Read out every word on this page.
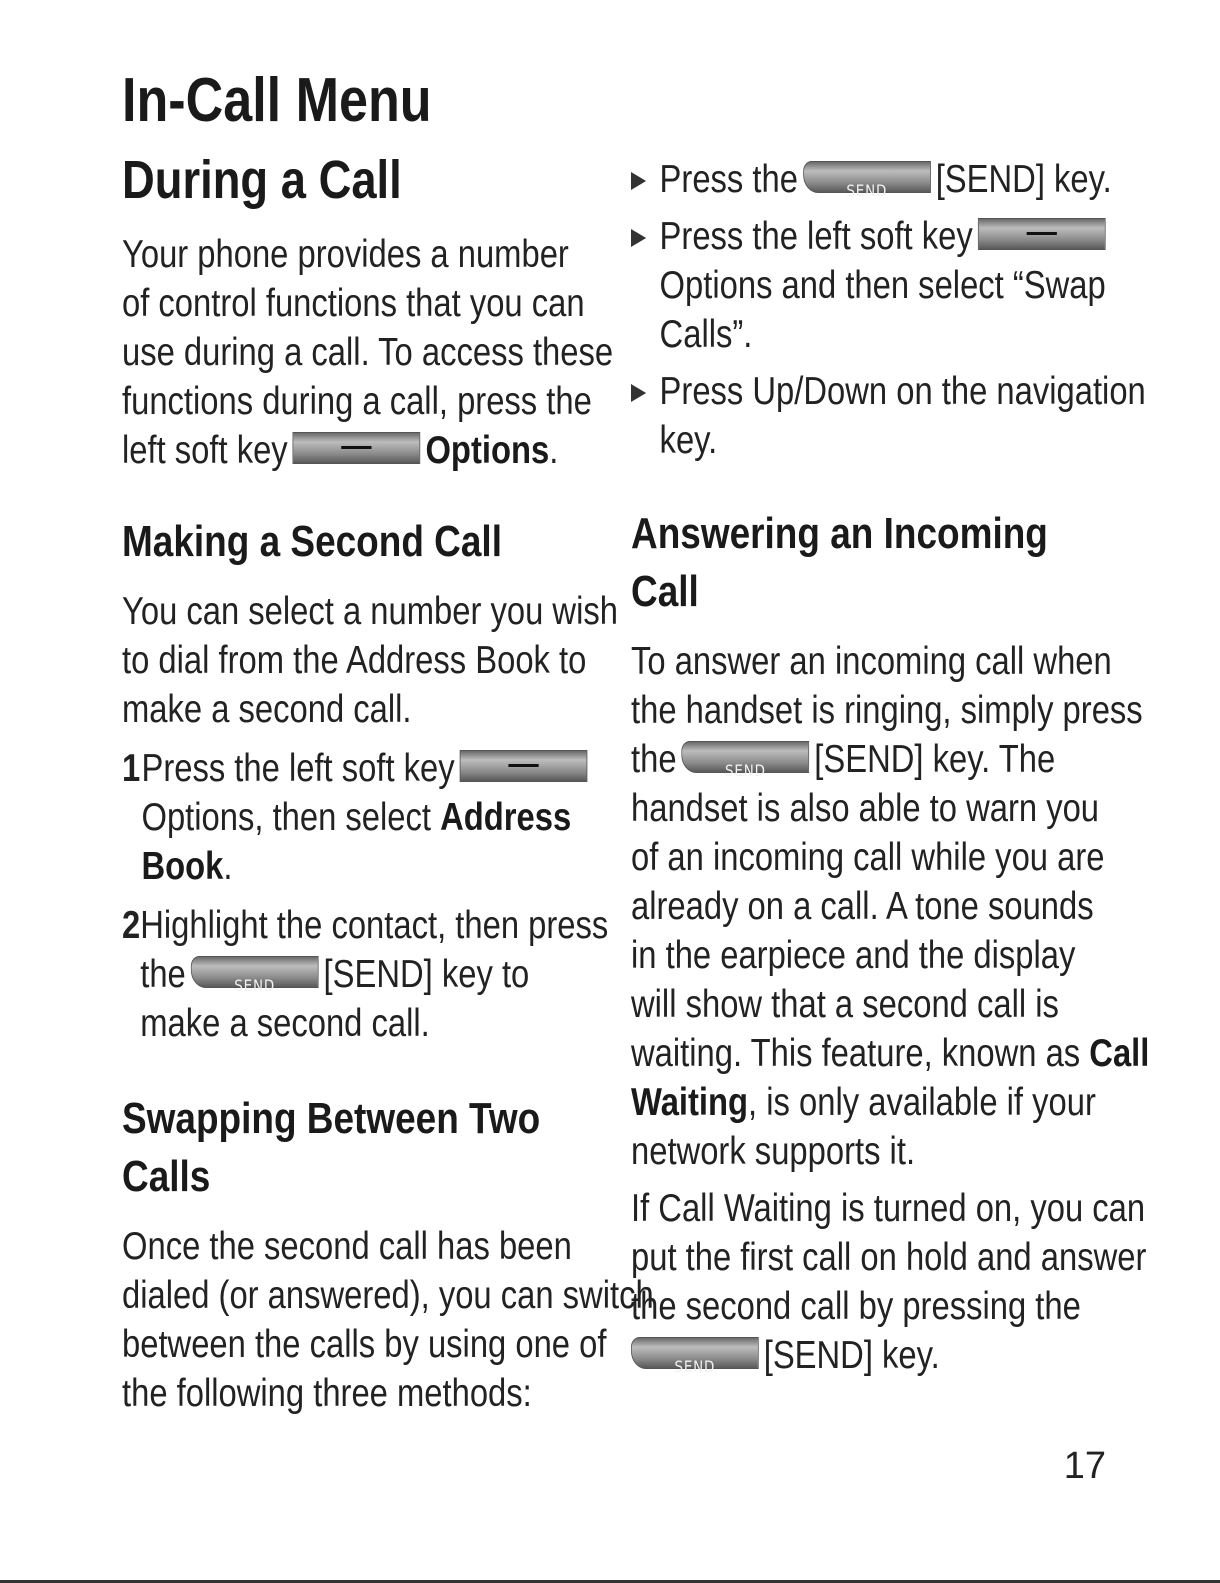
In-Call Menu
During a Call
Your phone provides a number
of control functions that you can
use during a call. To access these
functions during a call, press the
left soft key	Options.
Making a Second Call
You can select a number you wish
to dial from the Address Book to
make a second call.
1 Press the left soft key
Options, then select Address
Book.
2 Highlight the contact, then press
the	SEND	[SEND] key to
make a second call.
Swapping Between Two
Calls
Once the second call has been
dialed (or answered), you can switch
between the calls by using one of
the following three methods:
Press the	SEND	[SEND] key.
Press the left soft key
Options and then select “Swap
Calls”.
Press Up/Down on the navigation
key.
Answering an Incoming
Call
To answer an incoming call when
the handset is ringing, simply press
the	SEND	[SEND] key. The
handset is also able to warn you
of an incoming call while you are
already on a call. A tone sounds
in the earpiece and the display
will show that a second call is
waiting. This feature, known as Call
Waiting, is only available if your
network supports it.
If Call Waiting is turned on, you can
put the first call on hold and answer
the second call by pressing the
SEND	[SEND] key.
17
